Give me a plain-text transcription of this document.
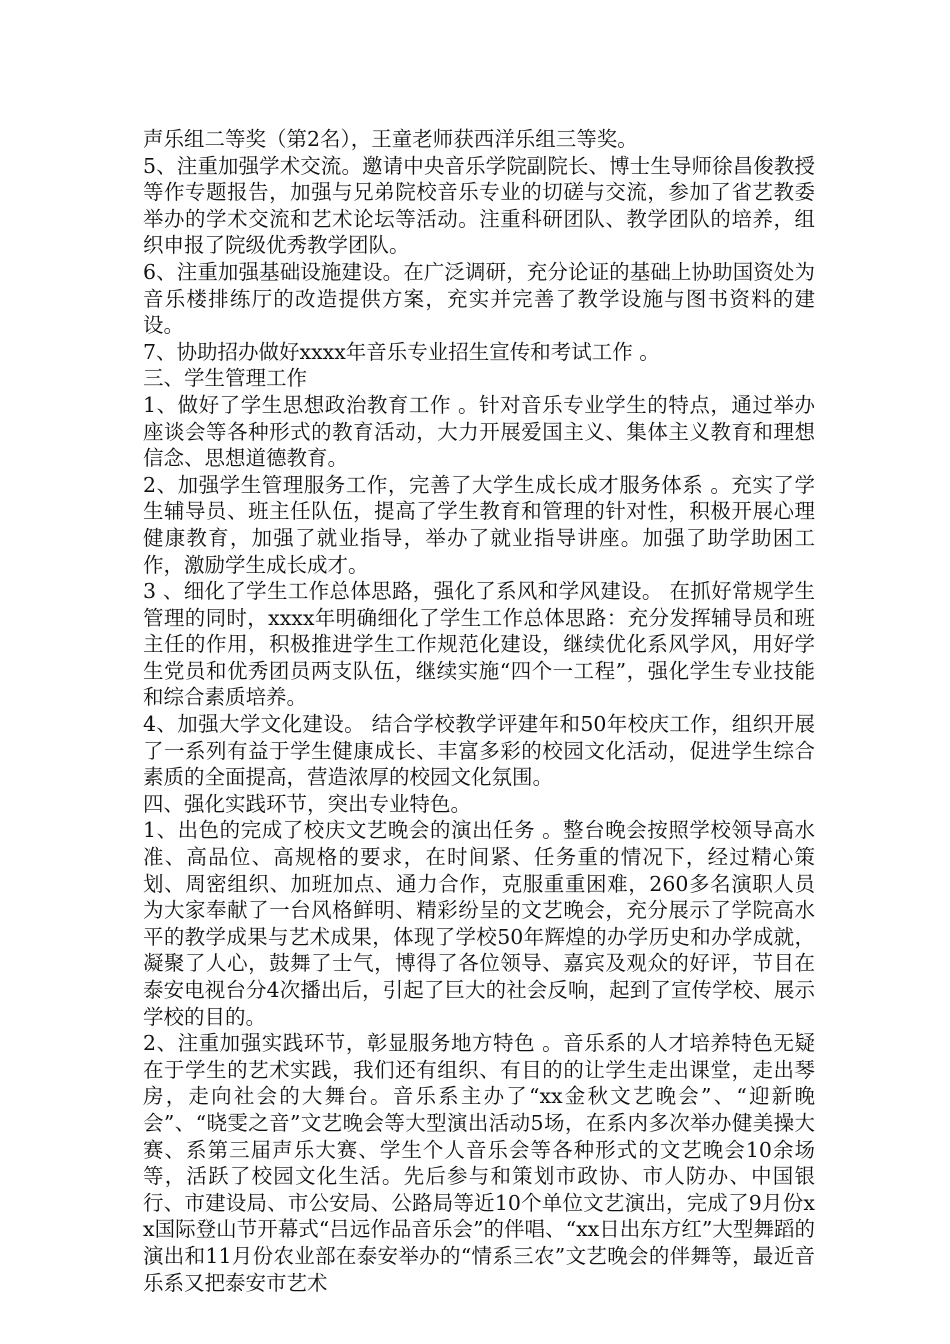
声乐组二等奖（第2名），王童老师获西洋乐组三等奖。

5、注重加强学术交流。邀请中央音乐学院副院长、博士生导师徐昌俊教授等作专题报告，加强与兄弟院校音乐专业的切磋与交流，参加了省艺教委举办的学术交流和艺术论坛等活动。注重科研团队、教学团队的培养，组织申报了院级优秀教学团队。

6、注重加强基础设施建设。在广泛调研，充分论证的基础上协助国资处为音乐楼排练厅的改造提供方案，充实并完善了教学设施与图书资料的建设。

7、协助招办做好xxxx年音乐专业招生宣传和考试工作 。

三、学生管理工作

1、做好了学生思想政治教育工作 。针对音乐专业学生的特点，通过举办座谈会等各种形式的教育活动，大力开展爱国主义、集体主义教育和理想信念、思想道德教育。

2、加强学生管理服务工作，完善了大学生成长成才服务体系 。充实了学生辅导员、班主任队伍，提高了学生教育和管理的针对性，积极开展心理健康教育，加强了就业指导，举办了就业指导讲座。加强了助学助困工作，激励学生成长成才。

3 、细化了学生工作总体思路，强化了系风和学风建设。 在抓好常规学生管理的同时，xxxx年明确细化了学生工作总体思路：充分发挥辅导员和班主任的作用，积极推进学生工作规范化建设，继续优化系风学风，用好学生党员和优秀团员两支队伍，继续实施“四个一工程”，强化学生专业技能和综合素质培养。

4、加强大学文化建设。 结合学校教学评建年和50年校庆工作，组织开展了一系列有益于学生健康成长、丰富多彩的校园文化活动，促进学生综合素质的全面提高，营造浓厚的校园文化氛围。

四、强化实践环节，突出专业特色。

1、出色的完成了校庆文艺晚会的演出任务 。整台晚会按照学校领导高水准、高品位、高规格的要求，在时间紧、任务重的情况下，经过精心策划、周密组织、加班加点、通力合作，克服重重困难，260多名演职人员为大家奉献了一台风格鲜明、精彩纷呈的文艺晚会，充分展示了学院高水平的教学成果与艺术成果，体现了学校50年辉煌的办学历史和办学成就，凝聚了人心，鼓舞了士气，博得了各位领导、嘉宾及观众的好评，节目在泰安电视台分4次播出后，引起了巨大的社会反响，起到了宣传学校、展示学校的目的。

2、注重加强实践环节，彰显服务地方特色 。音乐系的人才培养特色无疑在于学生的艺术实践，我们还有组织、有目的的让学生走出课堂，走出琴房，走向社会的大舞台。音乐系主办了“xx金秋文艺晚会”、“迎新晚会”、“晓雯之音”文艺晚会等大型演出活动5场，在系内多次举办健美操大赛、系第三届声乐大赛、学生个人音乐会等各种形式的文艺晚会10余场等，活跃了校园文化生活。先后参与和策划市政协、市人防办、中国银行、市建设局、市公安局、公路局等近10个单位文艺演出，完成了9月份xx国际登山节开幕式“吕远作品音乐会”的伴唱、“xx日出东方红”大型舞蹈的演出和11月份农业部在泰安举办的“情系三农”文艺晚会的伴舞等，最近音乐系又把泰安市艺术
